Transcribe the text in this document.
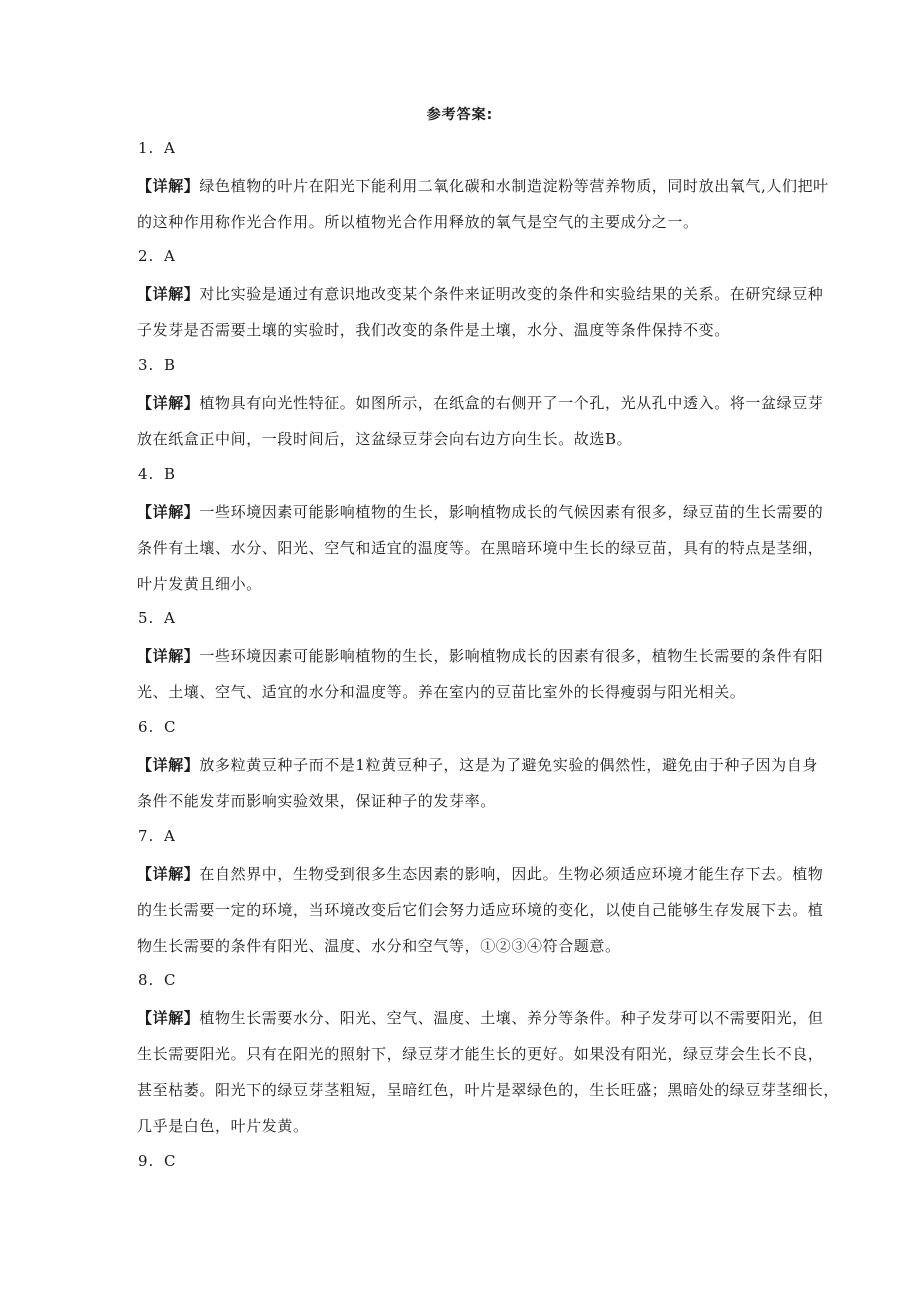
参考答案:
1. A
【详解】绿色植物的叶片在阳光下能利用二氧化碳和水制造淀粉等营养物质，同时放出氧气,人们把叶
的这种作用称作光合作用。所以植物光合作用释放的氧气是空气的主要成分之一。
2. A
【详解】对比实验是通过有意识地改变某个条件来证明改变的条件和实验结果的关系。在研究绿豆种
子发芽是否需要土壤的实验时，我们改变的条件是土壤，水分、温度等条件保持不变。
3. B
【详解】植物具有向光性特征。如图所示，在纸盒的右侧开了一个孔，光从孔中透入。将一盆绿豆芽
放在纸盒正中间，一段时间后，这盆绿豆芽会向右边方向生长。故选B。
4. B
【详解】一些环境因素可能影响植物的生长，影响植物成长的气候因素有很多，绿豆苗的生长需要的
条件有土壤、水分、阳光、空气和适宜的温度等。在黑暗环境中生长的绿豆苗，具有的特点是茎细，
叶片发黄且细小。
5. A
【详解】一些环境因素可能影响植物的生长，影响植物成长的因素有很多，植物生长需要的条件有阳
光、土壤、空气、适宜的水分和温度等。养在室内的豆苗比室外的长得瘦弱与阳光相关。
6. C
【详解】放多粒黄豆种子而不是1粒黄豆种子，这是为了避免实验的偶然性，避免由于种子因为自身
条件不能发芽而影响实验效果，保证种子的发芽率。
7. A
【详解】在自然界中，生物受到很多生态因素的影响，因此。生物必须适应环境才能生存下去。植物
的生长需要一定的环境，当环境改变后它们会努力适应环境的变化，以使自己能够生存发展下去。植
物生长需要的条件有阳光、温度、水分和空气等，①②③④符合题意。
8. C
【详解】植物生长需要水分、阳光、空气、温度、土壤、养分等条件。种子发芽可以不需要阳光，但
生长需要阳光。只有在阳光的照射下，绿豆芽才能生长的更好。如果没有阳光，绿豆芽会生长不良，
甚至枯萎。阳光下的绿豆芽茎粗短，呈暗红色，叶片是翠绿色的，生长旺盛；黑暗处的绿豆芽茎细长，
几乎是白色，叶片发黄。
9. C
